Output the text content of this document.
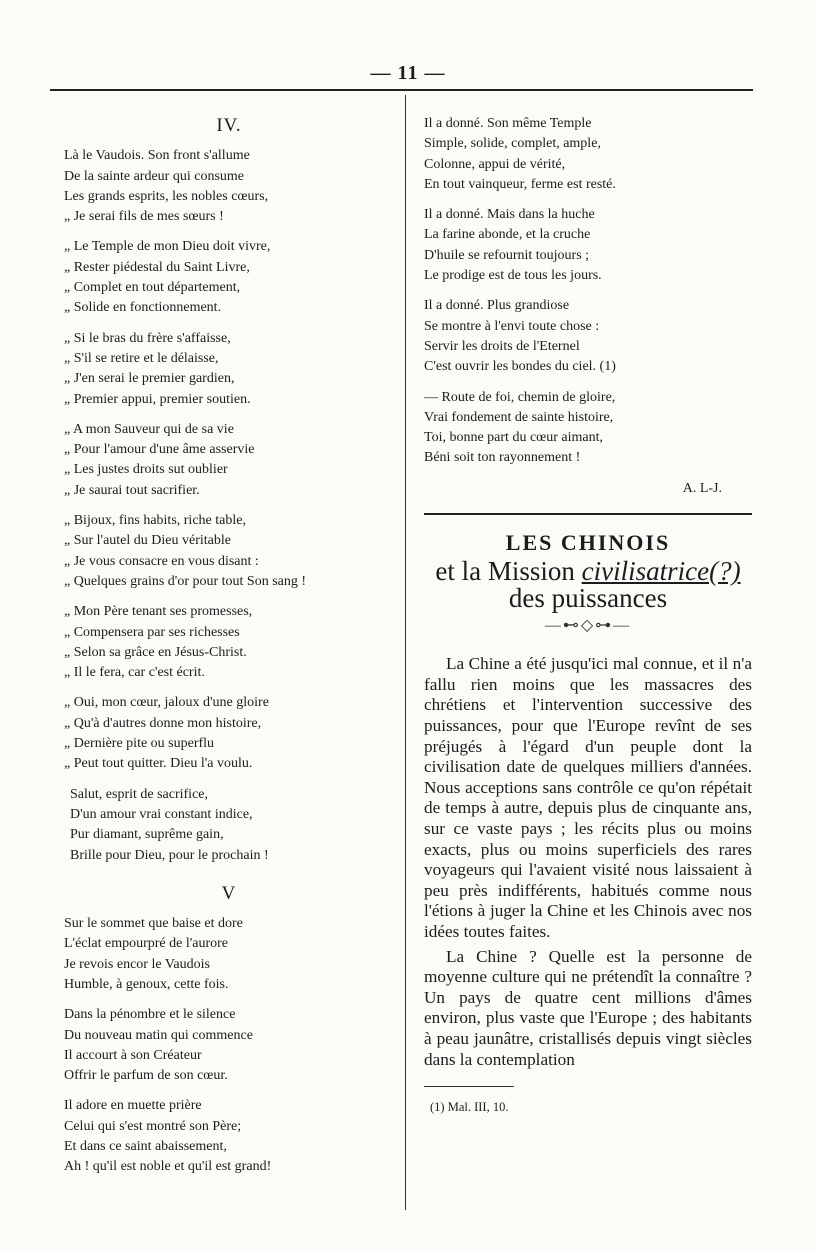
— 11 —
IV.
Là le Vaudois. Son front s'allume
De la sainte ardeur qui consume
Les grands esprits, les nobles cœurs,
„ Je serai fils de mes sœurs !
„ Le Temple de mon Dieu doit vivre,
„ Rester piédestal du Saint Livre,
„ Complet en tout département,
„ Solide en fonctionnement.
„ Si le bras du frère s'affaisse,
„ S'il se retire et le délaisse,
„ J'en serai le premier gardien,
„ Premier appui, premier soutien.
„ A mon Sauveur qui de sa vie
„ Pour l'amour d'une âme asservie
„ Les justes droits sut oublier
„ Je saurai tout sacrifier.
„ Bijoux, fins habits, riche table,
„ Sur l'autel du Dieu véritable
„ Je vous consacre en vous disant :
„ Quelques grains d'or pour tout Son sang !
„ Mon Père tenant ses promesses,
„ Compensera par ses richesses
„ Selon sa grâce en Jésus-Christ.
„ Il le fera, car c'est écrit.
„ Oui, mon cœur, jaloux d'une gloire
„ Qu'à d'autres donne mon histoire,
„ Dernière pite ou superflu
„ Peut tout quitter. Dieu l'a voulu.
Salut, esprit de sacrifice,
D'un amour vrai constant indice,
Pur diamant, suprême gain,
Brille pour Dieu, pour le prochain !
V
Sur le sommet que baise et dore
L'éclat empourpré de l'aurore
Je revois encor le Vaudois
Humble, à genoux, cette fois.
Dans la pénombre et le silence
Du nouveau matin qui commence
Il accourt à son Créateur
Offrir le parfum de son cœur.
Il adore en muette prière
Celui qui s'est montré son Père;
Et dans ce saint abaissement,
Ah ! qu'il est noble et qu'il est grand!
Il a donné. Son même Temple
Simple, solide, complet, ample,
Colonne, appui de vérité,
En tout vainqueur, ferme est resté.
Il a donné. Mais dans la huche
La farine abonde, et la cruche
D'huile se refournit toujours ;
Le prodige est de tous les jours.
Il a donné. Plus grandiose
Se montre à l'envi toute chose :
Servir les droits de l'Eternel
C'est ouvrir les bondes du ciel. (1)
— Route de foi, chemin de gloire,
Vrai fondement de sainte histoire,
Toi, bonne part du cœur aimant,
Béni soit ton rayonnement !
A. L-J.
LES CHINOIS
et la Mission civilisatrice(?)
des puissances
—⊷◇⊶—

La Chine a été jusqu'ici mal connue, et il n'a fallu rien moins que les massacres des chrétiens et l'intervention successive des puissances, pour que l'Europe revînt de ses préjugés à l'égard d'un peuple dont la civilisation date de quelques milliers d'années. Nous acceptions sans contrôle ce qu'on répétait de temps à autre, depuis plus de cinquante ans, sur ce vaste pays ; les récits plus ou moins exacts, plus ou moins superficiels des rares voyageurs qui l'avaient visité nous laissaient à peu près indifférents, habitués comme nous l'étions à juger la Chine et les Chinois avec nos idées toutes faites.

La Chine ? Quelle est la personne de moyenne culture qui ne prétendît la connaître ? Un pays de quatre cent millions d'âmes environ, plus vaste que l'Europe ; des habitants à peau jaunâtre, cristallisés depuis vingt siècles dans la contemplation

(1) Mal. III, 10.
